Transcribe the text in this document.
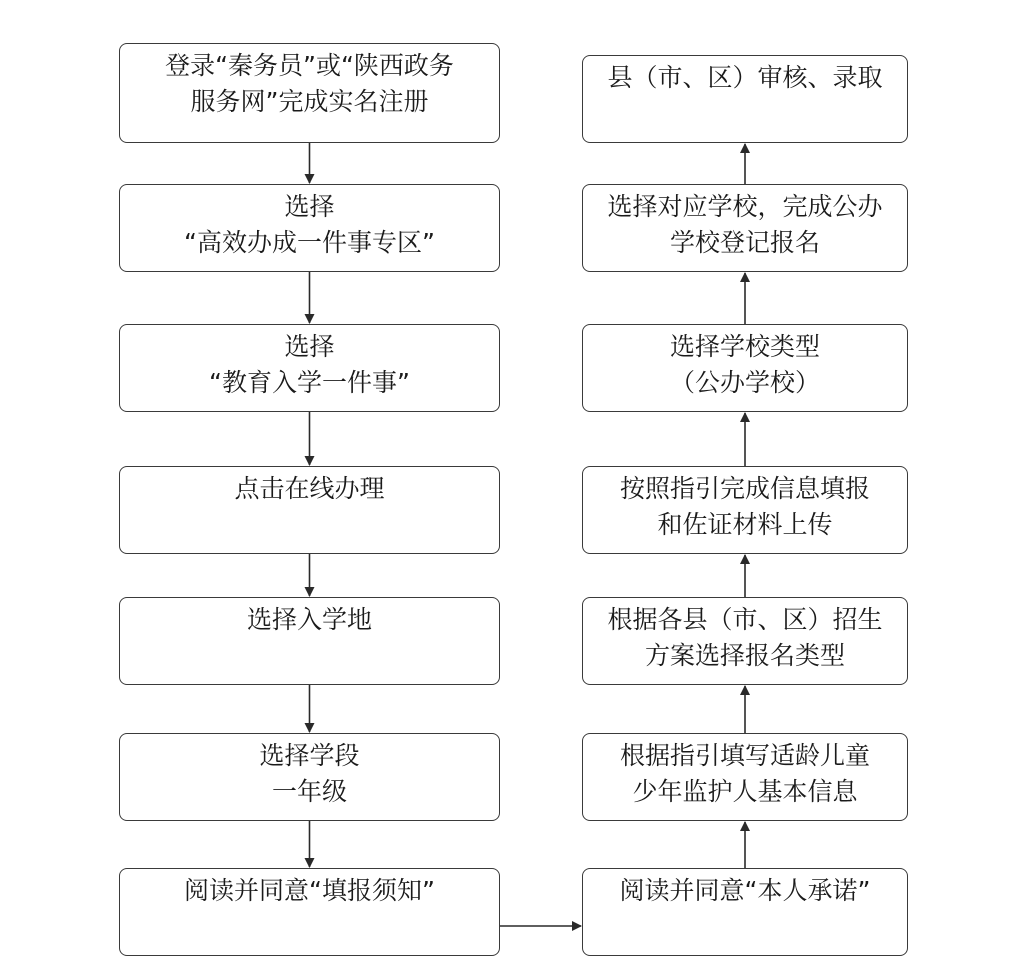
登录“秦务员”或“陕西政务
服务网”完成实名注册
选择
“高效办成一件事专区”
选择
“教育入学一件事”
点击在线办理
选择入学地
选择学段
一年级
阅读并同意“填报须知”
县（市、区）审核、录取
选择对应学校，完成公办
学校登记报名
选择学校类型
（公办学校）
按照指引完成信息填报
和佐证材料上传
根据各县（市、区）招生
方案选择报名类型
根据指引填写适龄儿童
少年监护人基本信息
阅读并同意“本人承诺”
